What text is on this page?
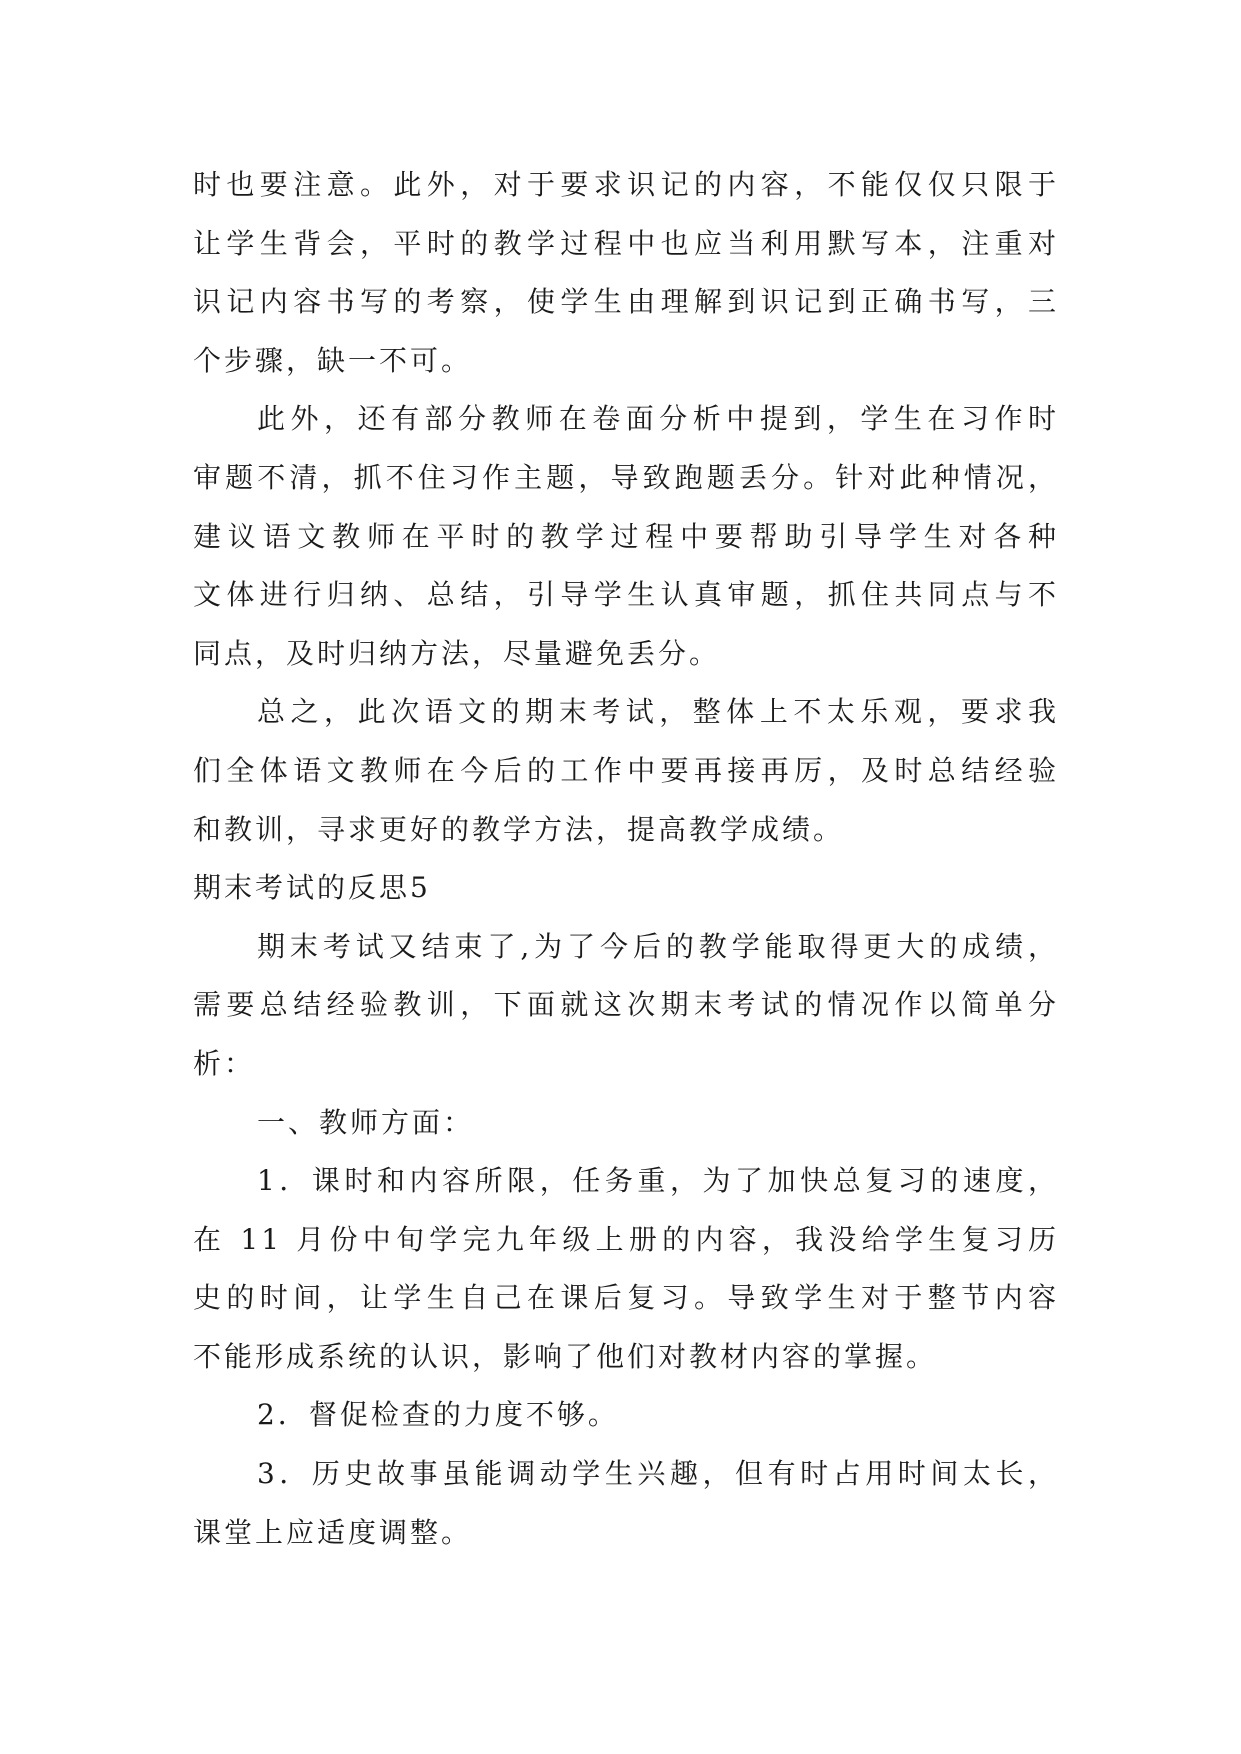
时也要注意。此外，对于要求识记的内容，不能仅仅只限于
让学生背会，平时的教学过程中也应当利用默写本，注重对
识记内容书写的考察，使学生由理解到识记到正确书写，三
个步骤，缺一不可。
此外，还有部分教师在卷面分析中提到，学生在习作时
审题不清，抓不住习作主题，导致跑题丢分。针对此种情况，
建议语文教师在平时的教学过程中要帮助引导学生对各种
文体进行归纳、总结，引导学生认真审题，抓住共同点与不
同点，及时归纳方法，尽量避免丢分。
总之，此次语文的期末考试，整体上不太乐观，要求我
们全体语文教师在今后的工作中要再接再厉，及时总结经验
和教训，寻求更好的教学方法，提高教学成绩。
期末考试的反思5
期末考试又结束了,为了今后的教学能取得更大的成绩，
需要总结经验教训，下面就这次期末考试的情况作以简单分
析：
一、教师方面：
1．课时和内容所限，任务重，为了加快总复习的速度，
在 11 月份中旬学完九年级上册的内容，我没给学生复习历
史的时间，让学生自己在课后复习。导致学生对于整节内容
不能形成系统的认识，影响了他们对教材内容的掌握。
2．督促检查的力度不够。
3．历史故事虽能调动学生兴趣，但有时占用时间太长，
课堂上应适度调整。
